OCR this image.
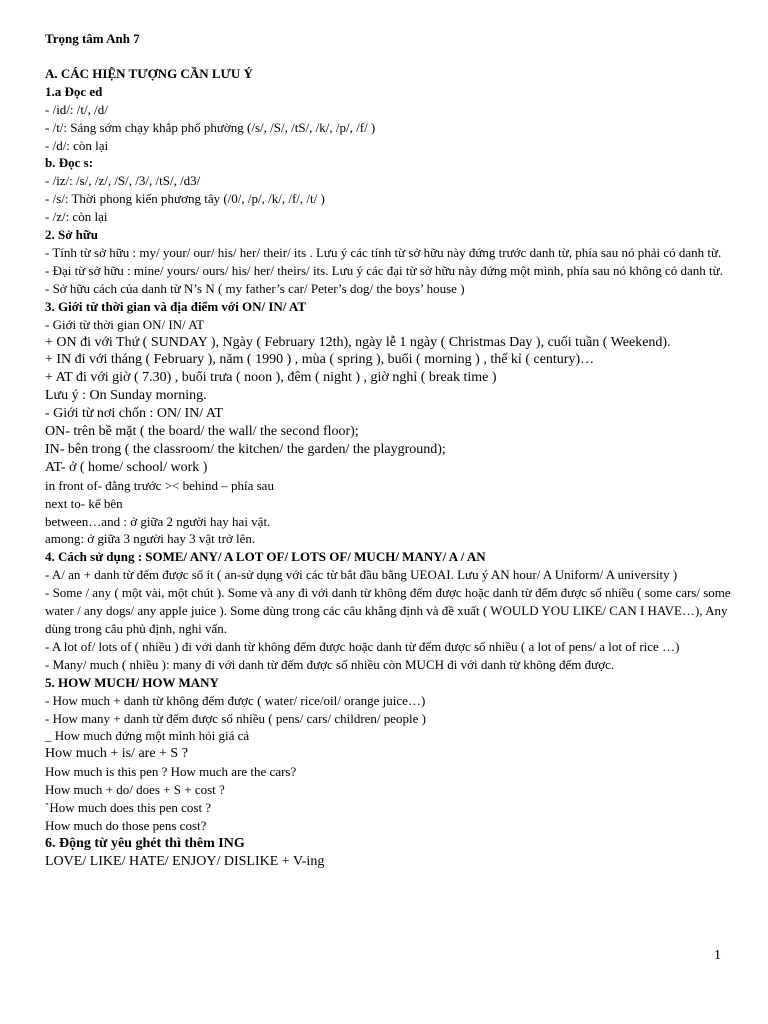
Trọng tâm Anh 7
A. CÁC HIỆN TƯỢNG CẦN LƯU Ý
1.a Đọc ed
- /id/: /t/, /d/
- /t/: Sáng sớm chạy khắp phố phường (/s/, /S/, /tS/, /k/, /p/, /f/ )
- /d/: còn lại
b. Đọc s:
- /iz/: /s/, /z/, /S/, /3/, /tS/, /d3/
- /s/: Thời phong kiến phương tây (/0/, /p/, /k/, /f/, /t/ )
- /z/: còn lại
2. Sở hữu
- Tính từ sở hữu : my/ your/ our/ his/ her/ their/ its . Lưu ý các tính từ sở hữu này đứng trước danh từ, phía sau nó phải có danh từ.
- Đại từ sở hữu : mine/ yours/ ours/ his/ her/ theirs/ its. Lưu ý các đại từ sở hữu này đứng một mình, phía sau nó không có danh từ.
- Sở hữu cách của danh từ N’s N ( my father’s car/ Peter’s dog/ the boys’ house )
3. Giới từ thời gian và địa điểm với ON/ IN/ AT
- Giới từ thời gian ON/ IN/ AT
+ ON đi với Thứ ( SUNDAY ), Ngày ( February 12th), ngày lễ 1 ngày ( Christmas Day ), cuối tuần ( Weekend).
+ IN đi với tháng ( February ), năm ( 1990 ) , mùa ( spring ), buổi ( morning ) , thế kỉ ( century)…
+ AT đi với giờ ( 7.30) , buổi trưa ( noon ), đêm ( night ) , giờ nghỉ ( break time )
Lưu ý : On Sunday morning.
- Giới từ nơi chốn : ON/ IN/ AT
ON- trên bề mặt ( the board/ the wall/ the second floor);
IN- bên trong ( the classroom/ the kitchen/ the garden/ the playground);
AT- ở ( home/ school/ work )
in front of- đằng trước >< behind – phía sau
next to- kế bên
between…and : ở giữa 2 người hay hai vật.
among: ở giữa 3 người hay 3 vật trở lên.
4. Cách sử dụng : SOME/ ANY/ A LOT OF/ LOTS OF/ MUCH/ MANY/ A / AN
- A/ an + danh từ đếm được số ít ( an-sử dụng với các từ bắt đầu bằng UEOAI. Lưu ý AN hour/ A Uniform/ A university )
- Some / any ( một vài, một chút ). Some và any đi với danh từ không đếm được hoặc danh từ đếm được số nhiều ( some cars/ some water / any dogs/ any apple juice ). Some dùng trong các câu khẳng định và đề xuất ( WOULD YOU LIKE/ CAN I HAVE…), Any dùng trong câu phủ định, nghi vấn.
- A lot of/ lots of ( nhiều ) đi với danh từ không đếm được hoặc danh từ đếm được số nhiều ( a lot of pens/ a lot of rice …)
- Many/ much ( nhiều ): many đi với danh từ đếm được số nhiều còn MUCH đi với danh từ không đếm được.
5. HOW MUCH/ HOW MANY
- How much + danh từ không đếm được ( water/ rice/oil/ orange juice…)
- How many + danh từ đếm được số nhiều ( pens/ cars/ children/ people )
_ How much đứng một mình hỏi giá cả
How much + is/ are + S ?
How much is this pen ? How much are the cars?
How much + do/ does + S + cost ?
`How much does this pen cost ?
How much do those pens cost?
6. Động từ yêu ghét thì thêm ING
LOVE/ LIKE/ HATE/ ENJOY/ DISLIKE + V-ing
1
